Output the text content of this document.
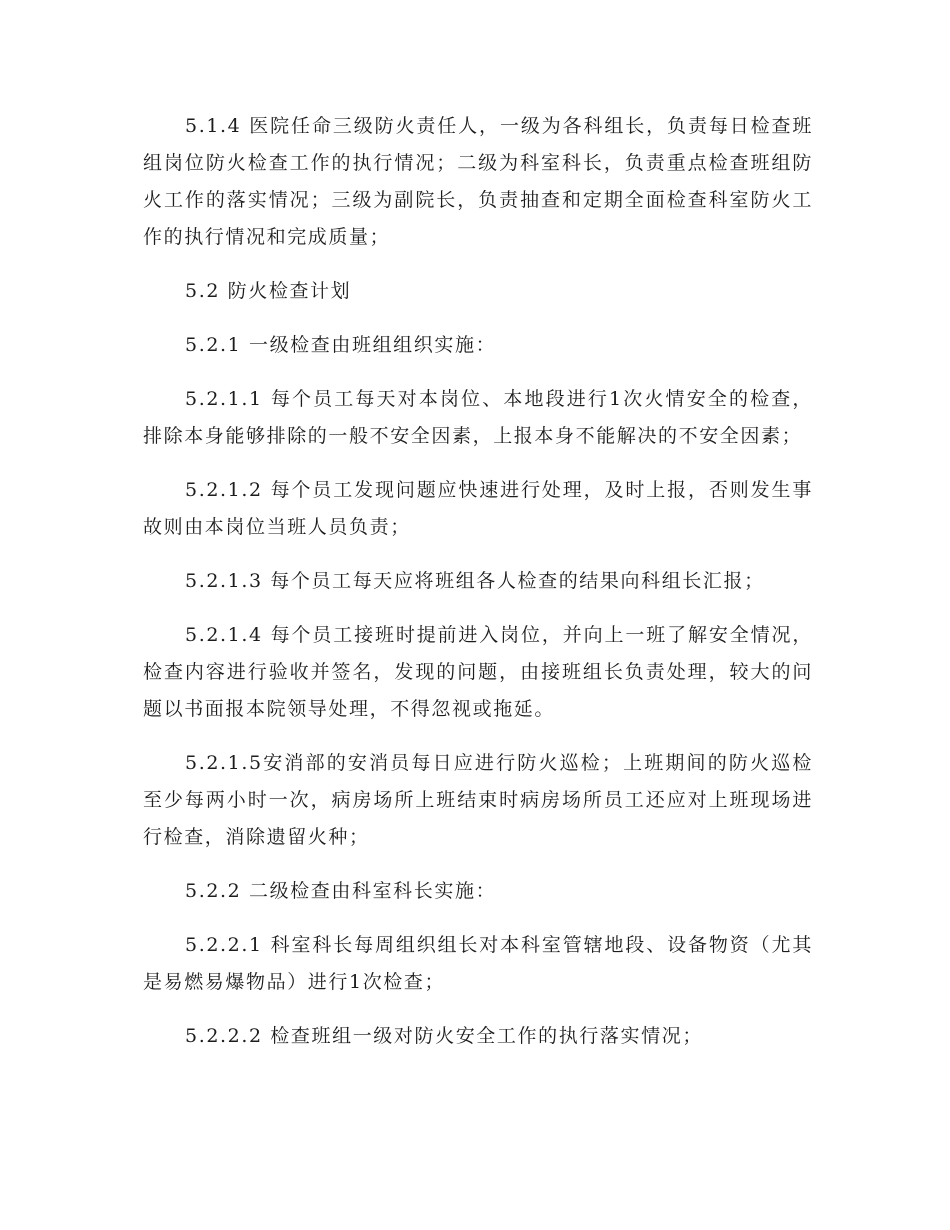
5.1.4 医院任命三级防火责任人，一级为各科组长，负责每日检查班组岗位防火检查工作的执行情况；二级为科室科长，负责重点检查班组防火工作的落实情况；三级为副院长，负责抽查和定期全面检查科室防火工作的执行情况和完成质量；

5.2 防火检查计划

5.2.1 一级检查由班组组织实施：

5.2.1.1 每个员工每天对本岗位、本地段进行1次火情安全的检查，排除本身能够排除的一般不安全因素，上报本身不能解决的不安全因素；

5.2.1.2 每个员工发现问题应快速进行处理，及时上报，否则发生事故则由本岗位当班人员负责；

5.2.1.3 每个员工每天应将班组各人检查的结果向科组长汇报；

5.2.1.4 每个员工接班时提前进入岗位，并向上一班了解安全情况，检查内容进行验收并签名，发现的问题，由接班组长负责处理，较大的问题以书面报本院领导处理，不得忽视或拖延。

5.2.1.5安消部的安消员每日应进行防火巡检；上班期间的防火巡检至少每两小时一次，病房场所上班结束时病房场所员工还应对上班现场进行检查，消除遗留火种；

5.2.2 二级检查由科室科长实施：

5.2.2.1 科室科长每周组织组长对本科室管辖地段、设备物资（尤其是易燃易爆物品）进行1次检查；

5.2.2.2 检查班组一级对防火安全工作的执行落实情况；
